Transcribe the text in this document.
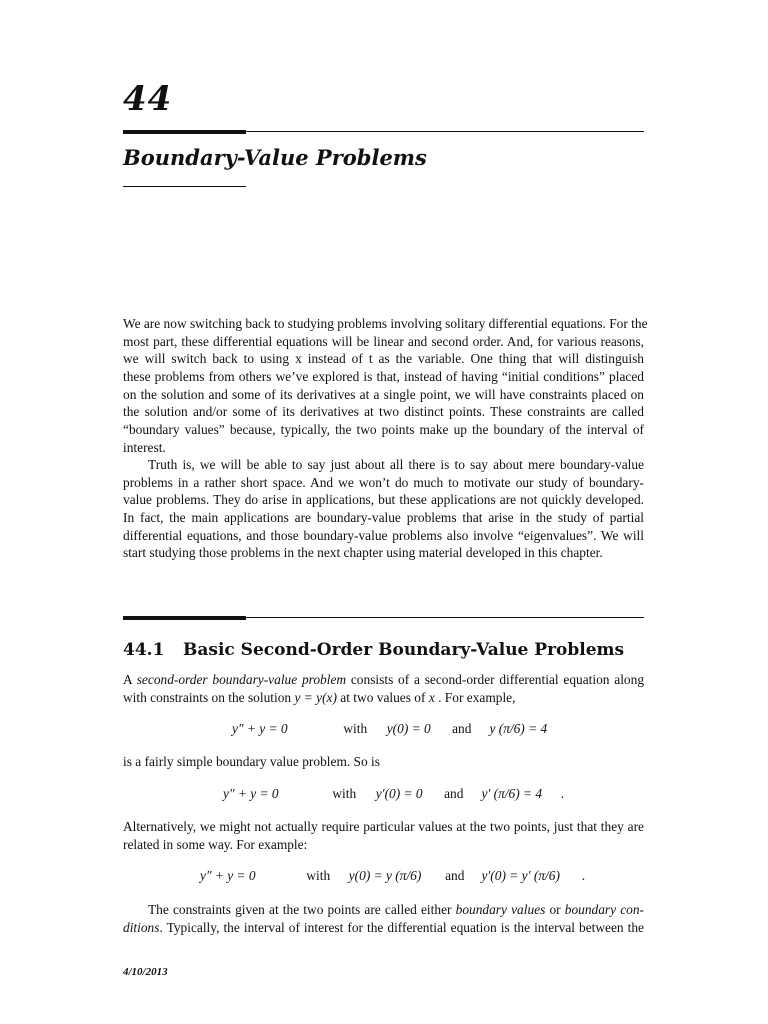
44
Boundary-Value Problems
We are now switching back to studying problems involving solitary differential equations. For the
most part, these differential equations will be linear and second order. And, for various reasons,
we will switch back to using x instead of t as the variable. One thing that will distinguish
these problems from others we’ve explored is that, instead of having “initial conditions” placed
on the solution and some of its derivatives at a single point, we will have constraints placed on
the solution and/or some of its derivatives at two distinct points. These constraints are called
“boundary values” because, typically, the two points make up the boundary of the interval of
interest.
Truth is, we will be able to say just about all there is to say about mere boundary-value
problems in a rather short space. And we won’t do much to motivate our study of boundary-
value problems. They do arise in applications, but these applications are not quickly developed.
In fact, the main applications are boundary-value problems that arise in the study of partial
differential equations, and those boundary-value problems also involve “eigenvalues”. We will
start studying those problems in the next chapter using material developed in this chapter.
44.1 Basic Second-Order Boundary-Value Problems
A second-order boundary-value problem consists of a second-order differential equation along
with constraints on the solution y = y(x) at two values of x . For example,
y″ + y = 0	with y(0) = 0 and y (π/6) = 4
is a fairly simple boundary value problem. So is
y″ + y = 0	with y′(0) = 0 and y′ (π/6) = 4 .
Alternatively, we might not actually require particular values at the two points, just that they are
related in some way. For example:
y″ + y = 0	with y(0) = y (π/6) and y′(0) = y′ (π/6) .
The constraints given at the two points are called either boundary values or boundary con-
ditions. Typically, the interval of interest for the differential equation is the interval between the
4/10/2013
